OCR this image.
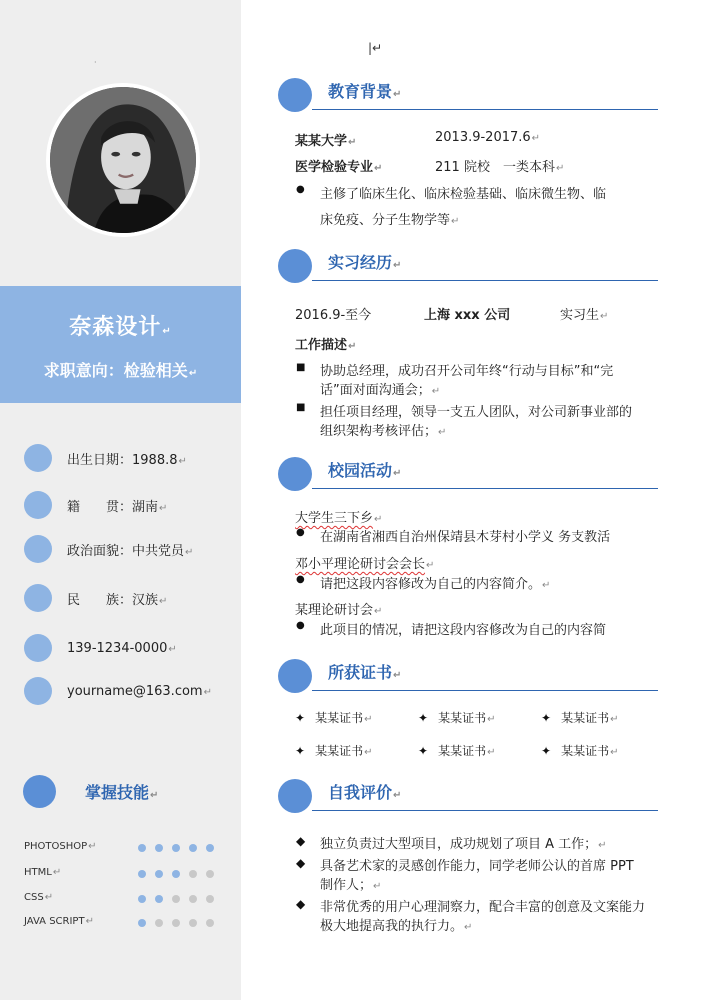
·
奈森设计↵
求职意向：检验相关↵
出生日期：1988.8↵
籍　　贯：湖南↵
政治面貌：中共党员↵
民　　族：汉族↵
139-1234-0000↵
yourname@163.com↵
掌握技能↵
PHOTOSHOP↵
HTML↵
CSS↵
JAVA SCRIPT↵
|↵
教育背景↵
某某大学↵	2013.9-2017.6↵
医学检验专业↵	211 院校　一类本科↵
● 主修了临床生化、临床检验基础、临床微生物、临
床免疫、分子生物学等↵
实习经历↵
2016.9-至今	上海 xxx 公司	实习生↵
工作描述↵
■ 协助总经理，成功召开公司年终“行动与目标”和“完
话”面对面沟通会；↵
■ 担任项目经理，领导一支五人团队，对公司新事业部的
组织架构考核评估；↵
校园活动↵
大学生三下乡↵
● 在湖南省湘西自治州保靖县木芽村小学义 务支教活
邓小平理论研讨会会长↵
● 请把这段内容修改为自己的内容简介。↵
某理论研讨会↵
● 此项目的情况，请把这段内容修改为自己的内容简
所获证书↵
✦ 某某证书↵	✦ 某某证书↵	✦ 某某证书↵
✦ 某某证书↵	✦ 某某证书↵	✦ 某某证书↵
自我评价↵
◆ 独立负责过大型项目，成功规划了项目 A 工作；↵
◆ 具备艺术家的灵感创作能力，同学老师公认的首席 PPT
制作人；↵
◆ 非常优秀的用户心理洞察力，配合丰富的创意及文案能力
极大地提高我的执行力。↵
